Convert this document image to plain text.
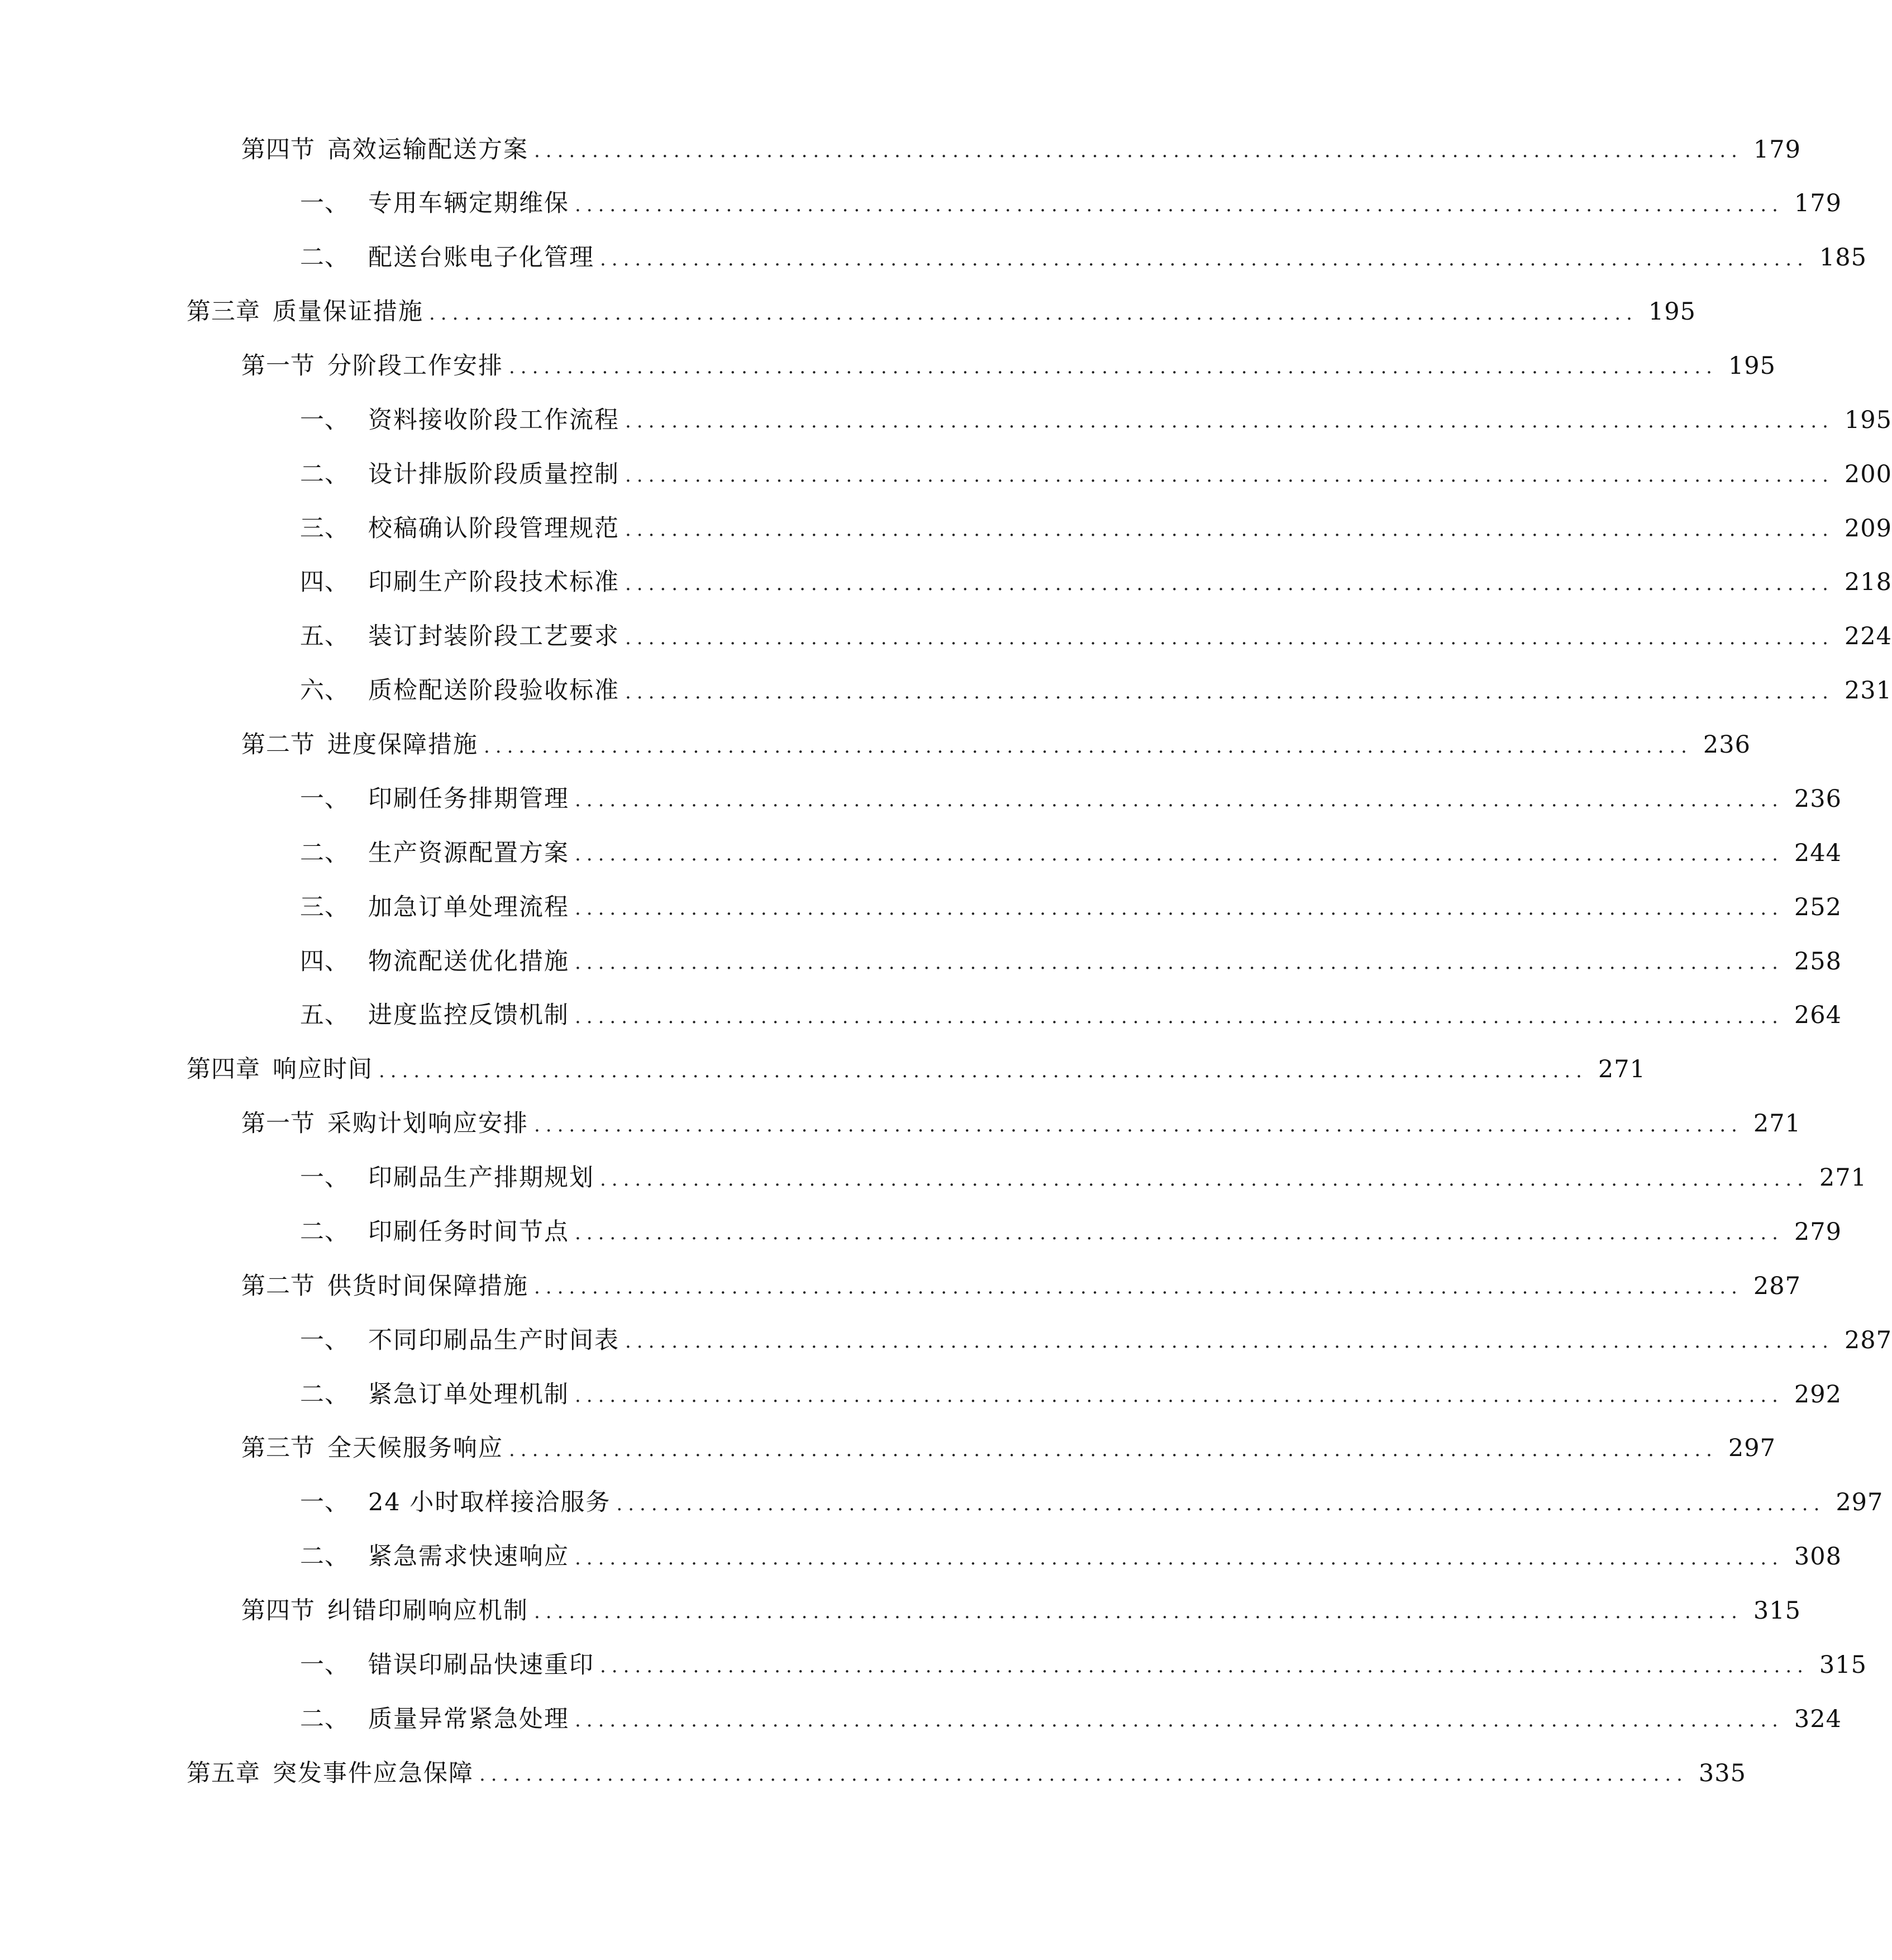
第四节 高效运输配送方案 ........................................................................................................ 179
一、 专用车辆定期维保 ........................................................................................................ 179
二、 配送台账电子化管理 ........................................................................................................ 185
第三章 质量保证措施 ........................................................................................................ 195
第一节 分阶段工作安排 ........................................................................................................ 195
一、 资料接收阶段工作流程 ........................................................................................................ 195
二、 设计排版阶段质量控制 ........................................................................................................ 200
三、 校稿确认阶段管理规范 ........................................................................................................ 209
四、 印刷生产阶段技术标准 ........................................................................................................ 218
五、 装订封装阶段工艺要求 ........................................................................................................ 224
六、 质检配送阶段验收标准 ........................................................................................................ 231
第二节 进度保障措施 ........................................................................................................ 236
一、 印刷任务排期管理 ........................................................................................................ 236
二、 生产资源配置方案 ........................................................................................................ 244
三、 加急订单处理流程 ........................................................................................................ 252
四、 物流配送优化措施 ........................................................................................................ 258
五、 进度监控反馈机制 ........................................................................................................ 264
第四章 响应时间 ........................................................................................................ 271
第一节 采购计划响应安排 ........................................................................................................ 271
一、 印刷品生产排期规划 ........................................................................................................ 271
二、 印刷任务时间节点 ........................................................................................................ 279
第二节 供货时间保障措施 ........................................................................................................ 287
一、 不同印刷品生产时间表 ........................................................................................................ 287
二、 紧急订单处理机制 ........................................................................................................ 292
第三节 全天候服务响应 ........................................................................................................ 297
一、 24 小时取样接洽服务 ........................................................................................................ 297
二、 紧急需求快速响应 ........................................................................................................ 308
第四节 纠错印刷响应机制 ........................................................................................................ 315
一、 错误印刷品快速重印 ........................................................................................................ 315
二、 质量异常紧急处理 ........................................................................................................ 324
第五章 突发事件应急保障 ........................................................................................................ 335
